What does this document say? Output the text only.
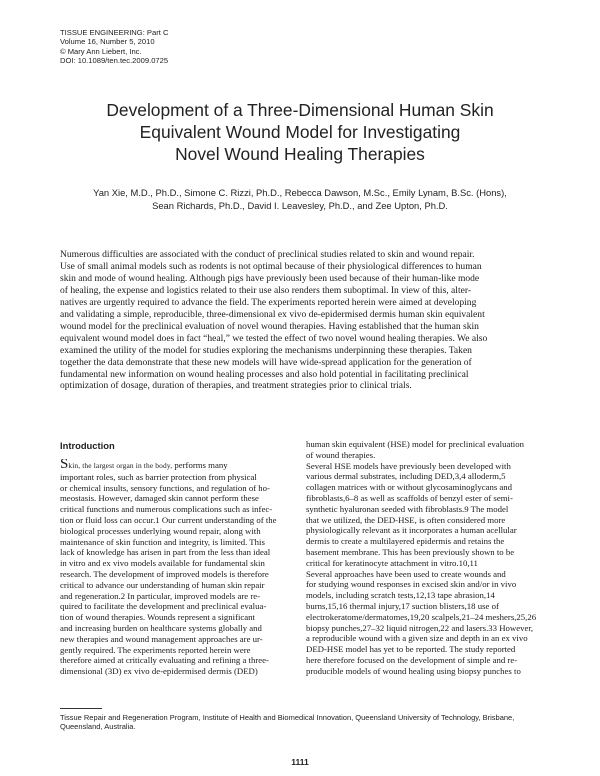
TISSUE ENGINEERING: Part C
Volume 16, Number 5, 2010
© Mary Ann Liebert, Inc.
DOI: 10.1089/ten.tec.2009.0725
Development of a Three-Dimensional Human Skin
Equivalent Wound Model for Investigating
Novel Wound Healing Therapies
Yan Xie, M.D., Ph.D., Simone C. Rizzi, Ph.D., Rebecca Dawson, M.Sc., Emily Lynam, B.Sc. (Hons),
Sean Richards, Ph.D., David I. Leavesley, Ph.D., and Zee Upton, Ph.D.
Numerous difficulties are associated with the conduct of preclinical studies related to skin and wound repair.
Use of small animal models such as rodents is not optimal because of their physiological differences to human
skin and mode of wound healing. Although pigs have previously been used because of their human-like mode
of healing, the expense and logistics related to their use also renders them suboptimal. In view of this, alter-
natives are urgently required to advance the field. The experiments reported herein were aimed at developing
and validating a simple, reproducible, three-dimensional ex vivo de-epidermised dermis human skin equivalent
wound model for the preclinical evaluation of novel wound therapies. Having established that the human skin
equivalent wound model does in fact “heal,” we tested the effect of two novel wound healing therapies. We also
examined the utility of the model for studies exploring the mechanisms underpinning these therapies. Taken
together the data demonstrate that these new models will have wide-spread application for the generation of
fundamental new information on wound healing processes and also hold potential in facilitating preclinical
optimization of dosage, duration of therapies, and treatment strategies prior to clinical trials.
Introduction
Skin, the largest organ in the body, performs many
important roles, such as barrier protection from physical
or chemical insults, sensory functions, and regulation of ho-
meostasis. However, damaged skin cannot perform these
critical functions and numerous complications such as infec-
tion or fluid loss can occur.1 Our current understanding of the
biological processes underlying wound repair, along with
maintenance of skin function and integrity, is limited. This
lack of knowledge has arisen in part from the less than ideal
in vitro and ex vivo models available for fundamental skin
research. The development of improved models is therefore
critical to advance our understanding of human skin repair
and regeneration.2 In particular, improved models are re-
quired to facilitate the development and preclinical evalua-
tion of wound therapies. Wounds represent a significant
and increasing burden on healthcare systems globally and
new therapies and wound management approaches are ur-
gently required. The experiments reported herein were
therefore aimed at critically evaluating and refining a three-
dimensional (3D) ex vivo de-epidermised dermis (DED)
human skin equivalent (HSE) model for preclinical evaluation
of wound therapies.
Several HSE models have previously been developed with
various dermal substrates, including DED,3,4 alloderm,5
collagen matrices with or without glycosaminoglycans and
fibroblasts,6–8 as well as scaffolds of benzyl ester of semi-
synthetic hyaluronan seeded with fibroblasts.9 The model
that we utilized, the DED-HSE, is often considered more
physiologically relevant as it incorporates a human acellular
dermis to create a multilayered epidermis and retains the
basement membrane. This has been previously shown to be
critical for keratinocyte attachment in vitro.10,11
Several approaches have been used to create wounds and
for studying wound responses in excised skin and/or in vivo
models, including scratch tests,12,13 tape abrasion,14
burns,15,16 thermal injury,17 suction blisters,18 use of
electrokeratome/dermatomes,19,20 scalpels,21–24 meshers,25,26
biopsy punches,27–32 liquid nitrogen,22 and lasers.33 However,
a reproducible wound with a given size and depth in an ex vivo
DED-HSE model has yet to be reported. The study reported
here therefore focused on the development of simple and re-
producible models of wound healing using biopsy punches to
Tissue Repair and Regeneration Program, Institute of Health and Biomedical Innovation, Queensland University of Technology, Brisbane,
Queensland, Australia.
1111
